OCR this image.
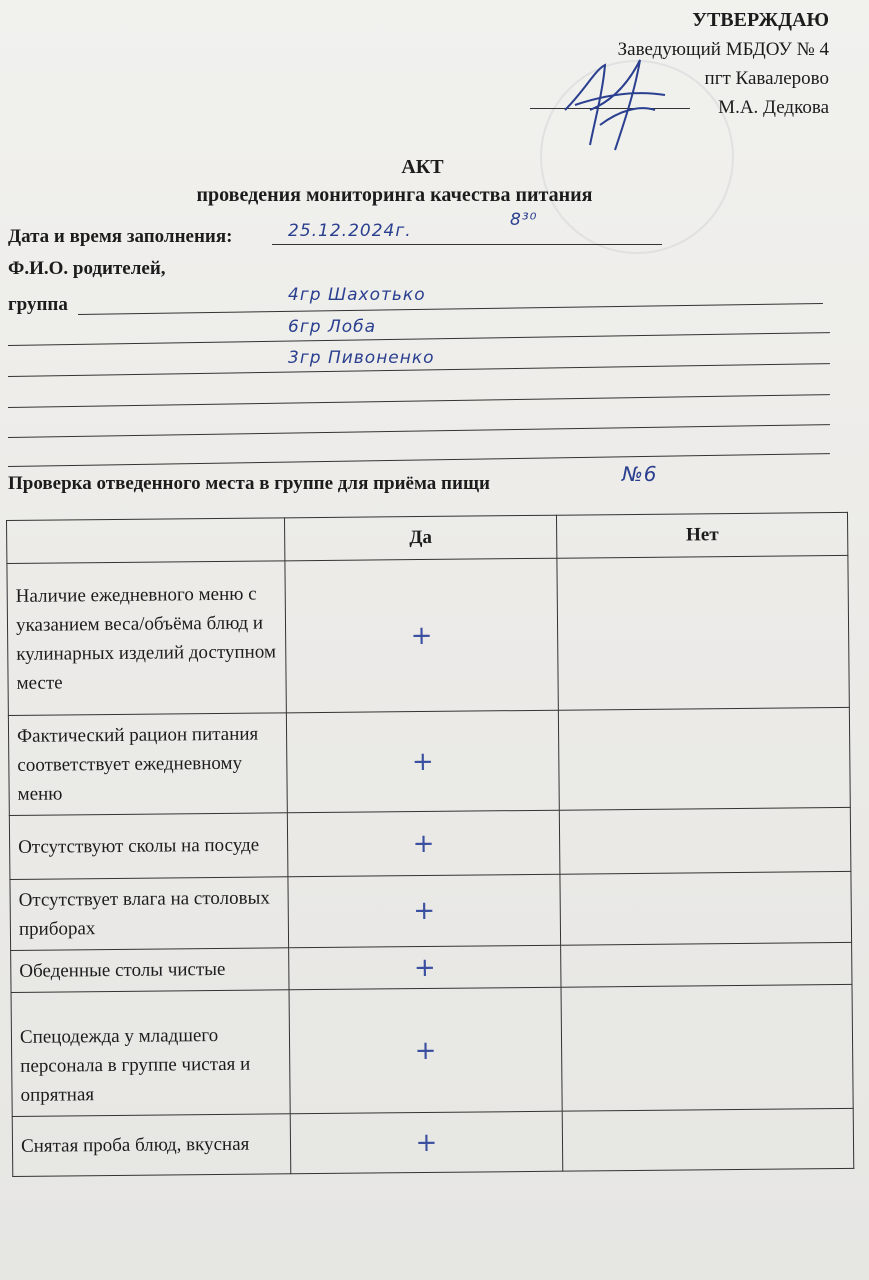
УТВЕРЖДАЮ
Заведующий МБДОУ № 4
пгт Кавалерово
М.А. Дедкова
АКТ
проведения мониторинга качества питания
Дата и время заполнения:	25.12.2024г.
8³⁰
Ф.И.О. родителей,
группа	4гр Шахотько
6гр Лоба
3гр Пивоненко
Проверка отведенного места в группе для приёма пищи	№6
	Да	Нет
Наличие ежедневного меню с указанием веса/объёма блюд и кулинарных изделий доступном месте	+	
Фактический рацион питания соответствует ежедневному меню	+	
Отсутствуют сколы на посуде	+	
Отсутствует влага на столовых приборах	+	
Обеденные столы чистые	+	
Спецодежда у младшего персонала в группе чистая и опрятная	+	
Снятая проба блюд, вкусная	+	
